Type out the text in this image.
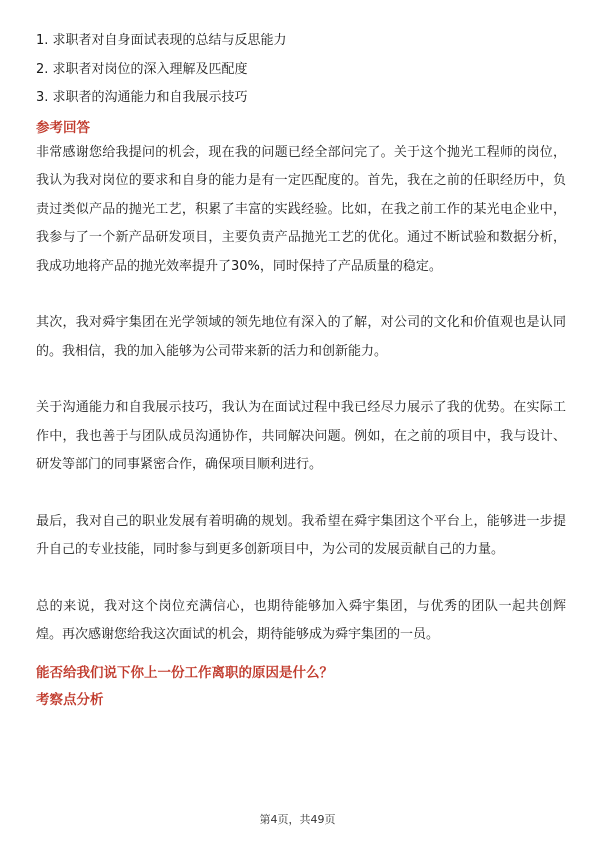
1. 求职者对自身面试表现的总结与反思能力
2. 求职者对岗位的深入理解及匹配度
3. 求职者的沟通能力和自我展示技巧
参考回答

非常感谢您给我提问的机会，现在我的问题已经全部问完了。关于这个抛光工程师的岗位，我认为我对岗位的要求和自身的能力是有一定匹配度的。首先，我在之前的任职经历中，负责过类似产品的抛光工艺，积累了丰富的实践经验。比如，在我之前工作的某光电企业中，我参与了一个新产品研发项目，主要负责产品抛光工艺的优化。通过不断试验和数据分析，我成功地将产品的抛光效率提升了30%，同时保持了产品质量的稳定。

其次，我对舜宇集团在光学领域的领先地位有深入的了解，对公司的文化和价值观也是认同的。我相信，我的加入能够为公司带来新的活力和创新能力。

关于沟通能力和自我展示技巧，我认为在面试过程中我已经尽力展示了我的优势。在实际工作中，我也善于与团队成员沟通协作，共同解决问题。例如，在之前的项目中，我与设计、研发等部门的同事紧密合作，确保项目顺利进行。

最后，我对自己的职业发展有着明确的规划。我希望在舜宇集团这个平台上，能够进一步提升自己的专业技能，同时参与到更多创新项目中，为公司的发展贡献自己的力量。

总的来说，我对这个岗位充满信心，也期待能够加入舜宇集团，与优秀的团队一起共创辉煌。再次感谢您给我这次面试的机会，期待能够成为舜宇集团的一员。

能否给我们说下你上一份工作离职的原因是什么？
考察点分析
第4页，共49页
